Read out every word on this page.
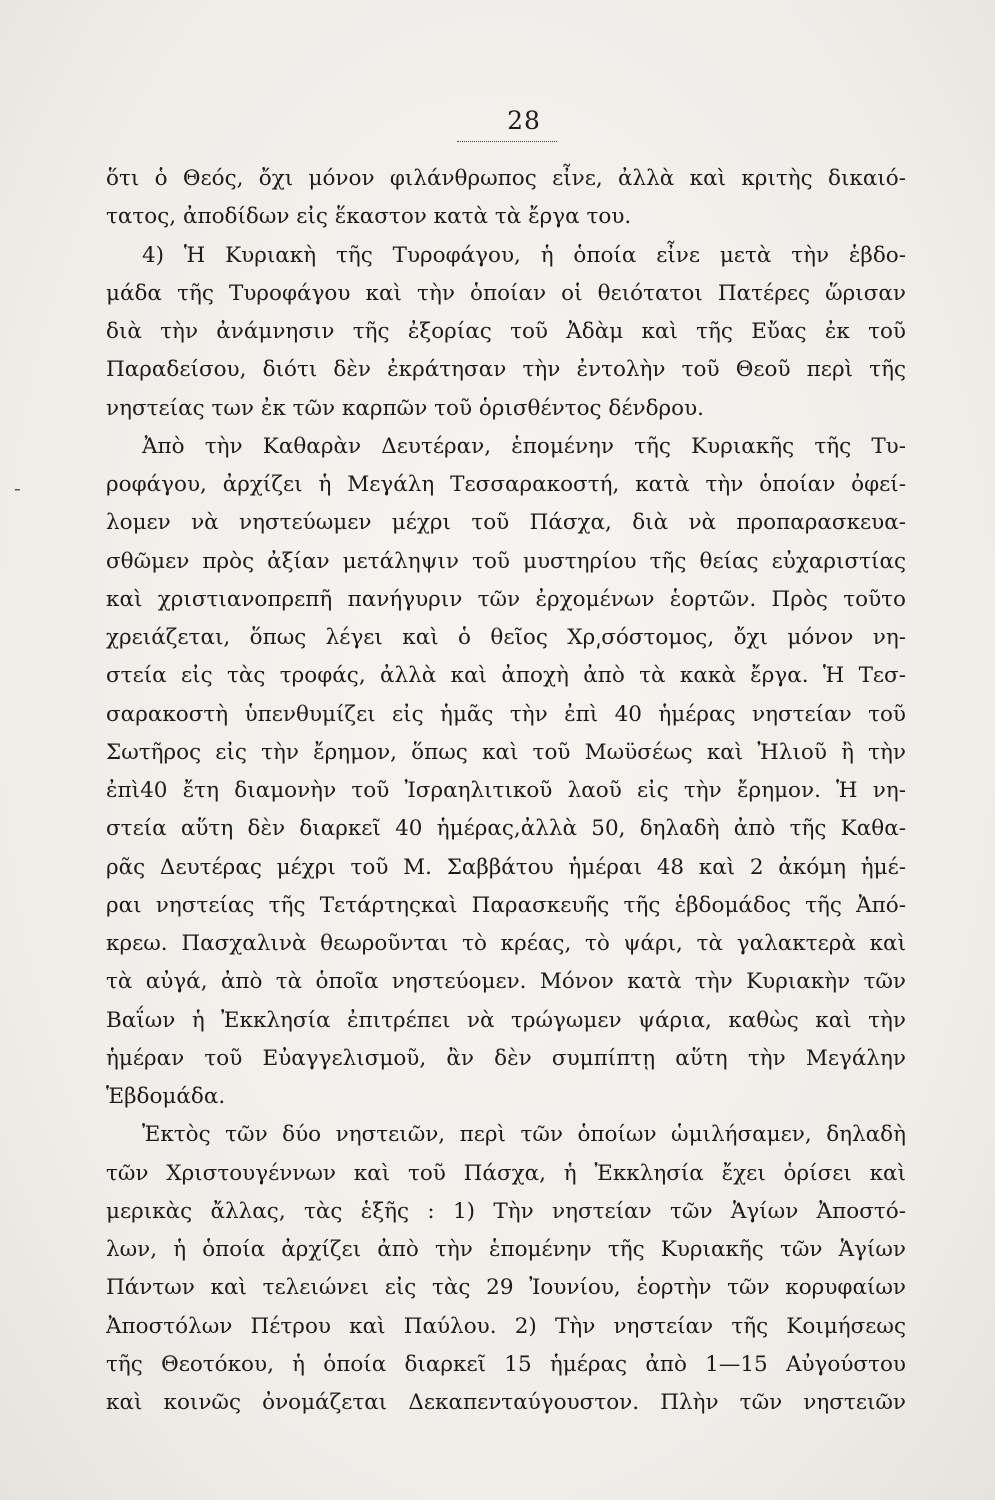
28
-
ὅτι ὁ Θεός, ὄχι μόνον φιλάνθρωπος εἶνε, ἀλλὰ καὶ κριτὴς δικαιό-
τατος, ἀποδίδων εἰς ἕκαστον κατὰ τὰ ἔργα του.
4) Ἡ Κυριακὴ τῆς Τυροφάγου, ἡ ὁποία εἶνε μετὰ τὴν ἑβδο-
μάδα τῆς Τυροφάγου καὶ τὴν ὁποίαν οἱ θειότατοι Πατέρες ὥρισαν
διὰ τὴν ἀνάμνησιν τῆς ἐξορίας τοῦ Ἀδὰμ καὶ τῆς Εὔας ἐκ τοῦ
Παραδείσου, διότι δὲν ἐκράτησαν τὴν ἐντολὴν τοῦ Θεοῦ περὶ τῆς
νηστείας των ἐκ τῶν καρπῶν τοῦ ὁρισθέντος δένδρου.
Ἀπὸ τὴν Καθαρὰν Δευτέραν, ἑπομένην τῆς Κυριακῆς τῆς Τυ-
ροφάγου, ἀρχίζει ἡ Μεγάλη Τεσσαρακοστή, κατὰ τὴν ὁποίαν ὀφεί-
λομεν νὰ νηστεύωμεν μέχρι τοῦ Πάσχα, διὰ νὰ προπαρασκευα-
σθῶμεν πρὸς ἀξίαν μετάληψιν τοῦ μυστηρίου τῆς θείας εὐχαριστίας
καὶ χριστιανοπρεπῆ πανήγυριν τῶν ἐρχομένων ἑορτῶν. Πρὸς τοῦτο
χρειάζεται, ὅπως λέγει καὶ ὁ θεῖος Χρ͵σόστομος, ὄχι μόνον νη-
στεία εἰς τὰς τροφάς, ἀλλὰ καὶ ἀποχὴ ἀπὸ τὰ κακὰ ἔργα. Ἡ Τεσ-
σαρακοστὴ ὑπενθυμίζει εἰς ἡμᾶς τὴν ἐπὶ 40 ἡμέρας νηστείαν τοῦ
Σωτῆρος εἰς τὴν ἔρημον, ὅπως καὶ τοῦ Μωϋσέως καὶ Ἠλιοῦ ἢ τὴν
ἐπὶ40 ἔτη διαμονὴν τοῦ Ἰσραηλιτικοῦ λαοῦ εἰς τὴν ἔρημον. Ἡ νη-
στεία αὕτη δὲν διαρκεῖ 40 ἡμέρας,ἀλλὰ 50, δηλαδὴ ἀπὸ τῆς Καθα-
ρᾶς Δευτέρας μέχρι τοῦ Μ. Σαββάτου ἡμέραι 48 καὶ 2 ἀκόμη ἡμέ-
ραι νηστείας τῆς Τετάρτηςκαὶ Παρασκευῆς τῆς ἑβδομάδος τῆς Ἀπό-
κρεω. Πασχαλινὰ θεωροῦνται τὸ κρέας, τὸ ψάρι, τὰ γαλακτερὰ καὶ
τὰ αὐγά, ἀπὸ τὰ ὁποῖα νηστεύομεν. Μόνον κατὰ τὴν Κυριακὴν τῶν
Βαΐων ἡ Ἐκκλησία ἐπιτρέπει νὰ τρώγωμεν ψάρια, καθὼς καὶ τὴν
ἡμέραν τοῦ Εὐαγγελισμοῦ, ἂν δὲν συμπίπτῃ αὕτη τὴν Μεγάλην
Ἑβδομάδα.
Ἐκτὸς τῶν δύο νηστειῶν, περὶ τῶν ὁποίων ὡμιλήσαμεν, δηλαδὴ
τῶν Χριστουγέννων καὶ τοῦ Πάσχα, ἡ Ἐκκλησία ἔχει ὁρίσει καὶ
μερικὰς ἄλλας, τὰς ἑξῆς : 1) Τὴν νηστείαν τῶν Ἁγίων Ἀποστό-
λων, ἡ ὁποία ἀρχίζει ἀπὸ τὴν ἑπομένην τῆς Κυριακῆς τῶν Ἁγίων
Πάντων καὶ τελειώνει εἰς τὰς 29 Ἰουνίου, ἑορτὴν τῶν κορυφαίων
Ἀποστόλων Πέτρου καὶ Παύλου. 2) Τὴν νηστείαν τῆς Κοιμήσεως
τῆς Θεοτόκου, ἡ ὁποία διαρκεῖ 15 ἡμέρας ἀπὸ 1—15 Αὐγούστου
καὶ κοινῶς ὀνομάζεται Δεκαπενταύγουστον. Πλὴν τῶν νηστειῶν
